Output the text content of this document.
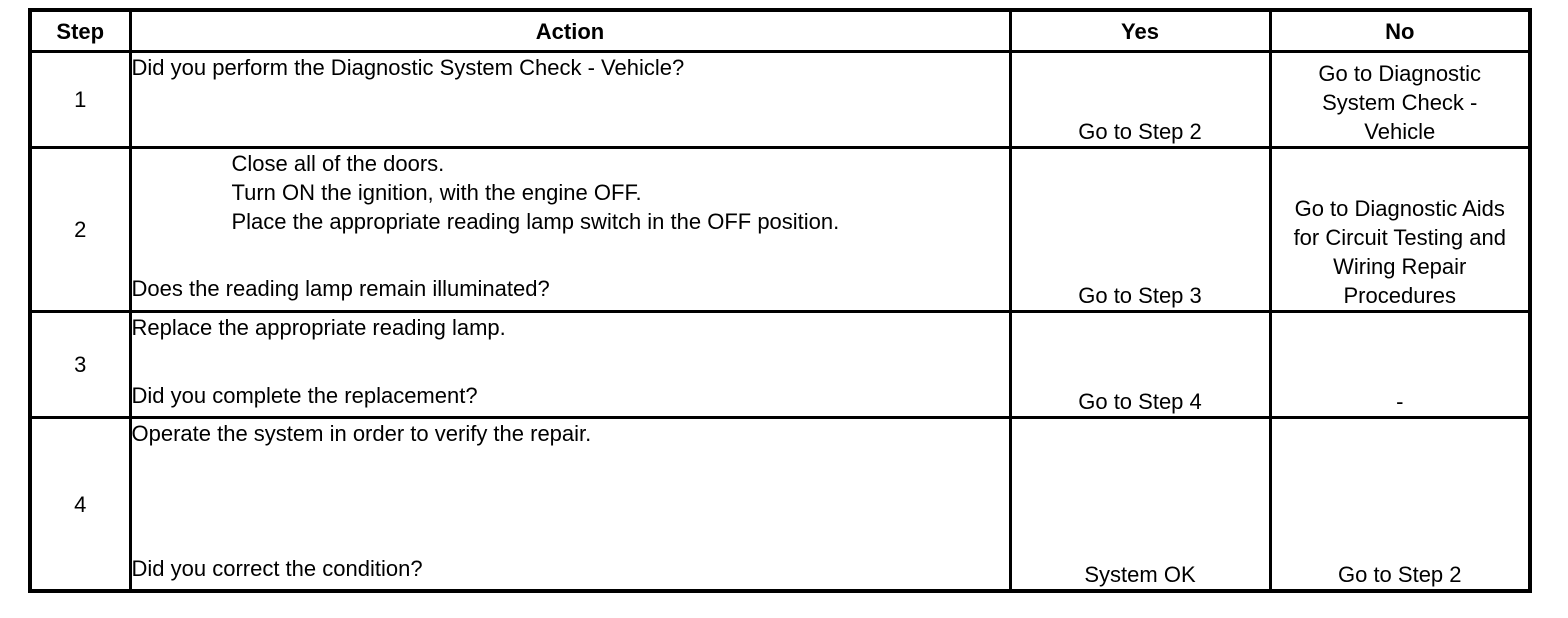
Step	Action	Yes	No
1	Did you perform the Diagnostic System Check - Vehicle?	Go to Step 2	Go to Diagnostic
System Check -
Vehicle

2	Close all of the doors.
Turn ON the ignition, with the engine OFF.
Place the appropriate reading lamp switch in the OFF position.
Does the reading lamp remain illuminated?	Go to Step 3	Go to Diagnostic Aids
for Circuit Testing and
Wiring Repair
Procedures

3	Replace the appropriate reading lamp.
Did you complete the replacement?	Go to Step 4	-
4	Operate the system in order to verify the repair.
Did you correct the condition?	System OK	Go to Step 2
